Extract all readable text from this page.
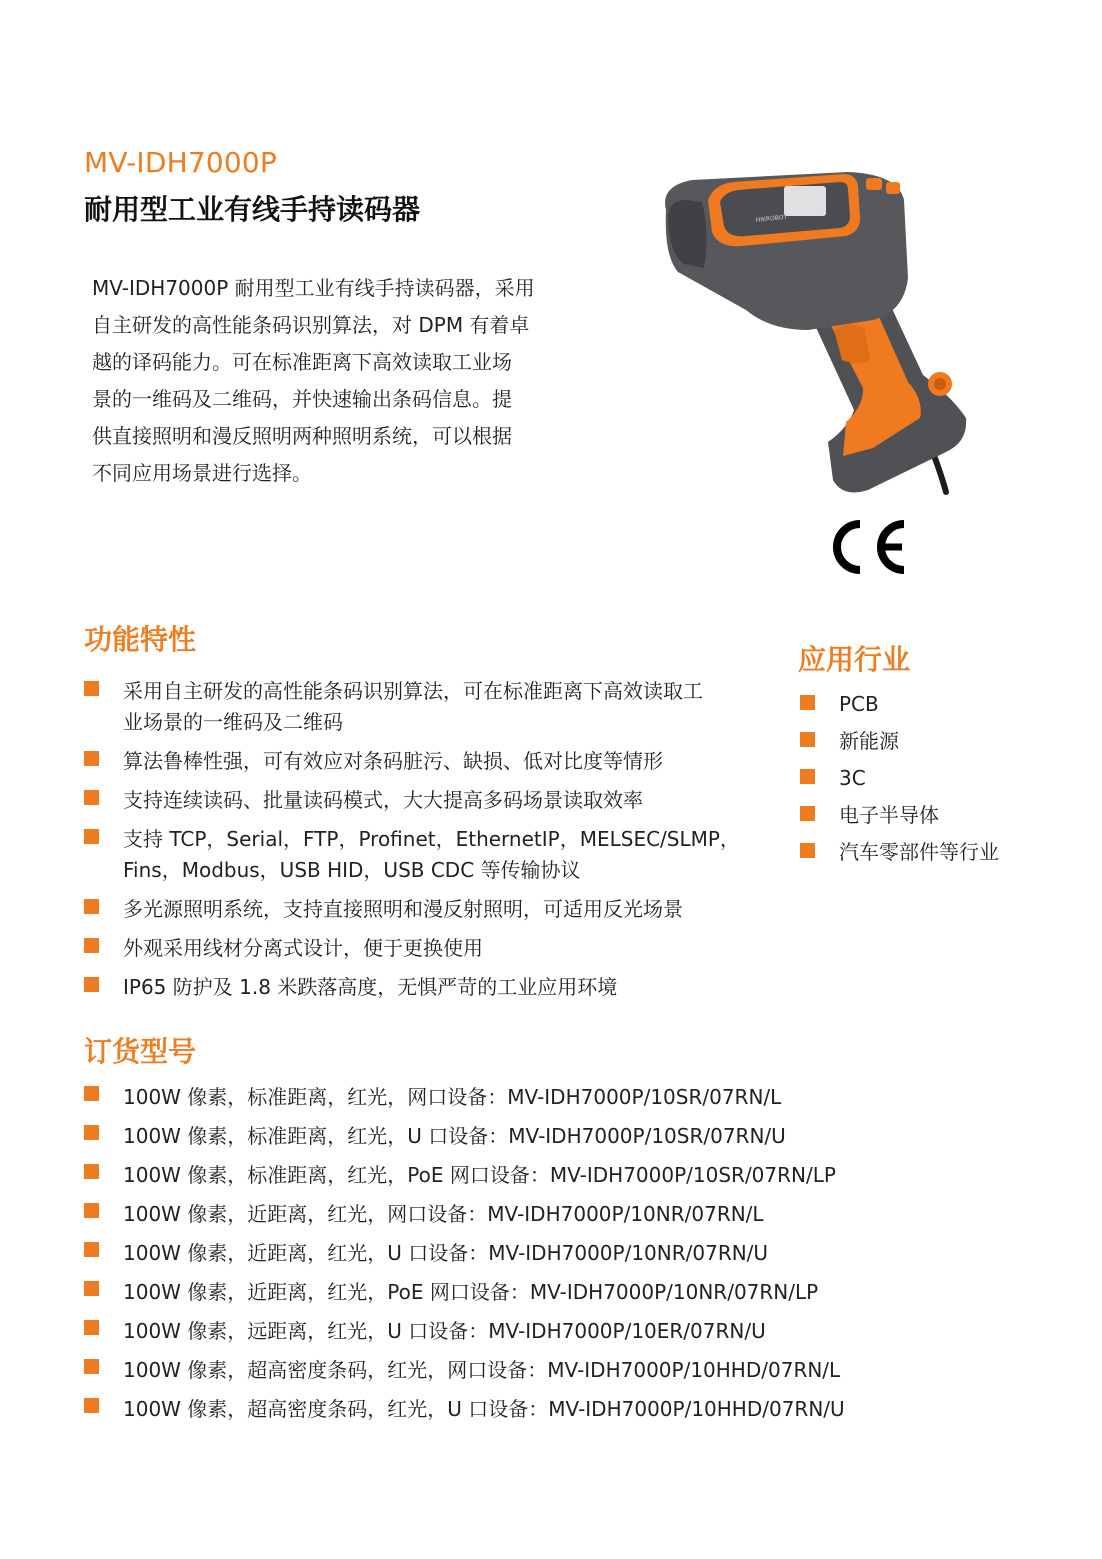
MV-IDH7000P
耐用型工业有线手持读码器

MV-IDH7000P 耐用型工业有线手持读码器，采用

自主研发的高性能条码识别算法，对 DPM 有着卓

越的译码能力。可在标准距离下高效读取工业场

景的一维码及二维码，并快速输出条码信息。提

供直接照明和漫反照明两种照明系统，可以根据

不同应用场景进行选择。

HIKROBOT
功能特性
采用自主研发的高性能条码识别算法，可在标准距离下高效读取工
业场景的一维码及二维码
算法鲁棒性强，可有效应对条码脏污、缺损、低对比度等情形
支持连续读码、批量读码模式，大大提高多码场景读取效率
支持 TCP，Serial，FTP，Profinet，EthernetIP，MELSEC/SLMP，
Fins，Modbus，USB HID，USB CDC 等传输协议
多光源照明系统，支持直接照明和漫反射照明，可适用反光场景
外观采用线材分离式设计，便于更换使用
IP65 防护及 1.8 米跌落高度，无惧严苛的工业应用环境
应用行业
PCB
新能源
3C
电子半导体
汽车零部件等行业
订货型号
100W 像素，标准距离，红光，网口设备：MV-IDH7000P/10SR/07RN/L
100W 像素，标准距离，红光，U 口设备：MV-IDH7000P/10SR/07RN/U
100W 像素，标准距离，红光，PoE 网口设备：MV-IDH7000P/10SR/07RN/LP
100W 像素，近距离，红光，网口设备：MV-IDH7000P/10NR/07RN/L
100W 像素，近距离，红光，U 口设备：MV-IDH7000P/10NR/07RN/U
100W 像素，近距离，红光，PoE 网口设备：MV-IDH7000P/10NR/07RN/LP
100W 像素，远距离，红光，U 口设备：MV-IDH7000P/10ER/07RN/U
100W 像素，超高密度条码，红光，网口设备：MV-IDH7000P/10HHD/07RN/L
100W 像素，超高密度条码，红光，U 口设备：MV-IDH7000P/10HHD/07RN/U
